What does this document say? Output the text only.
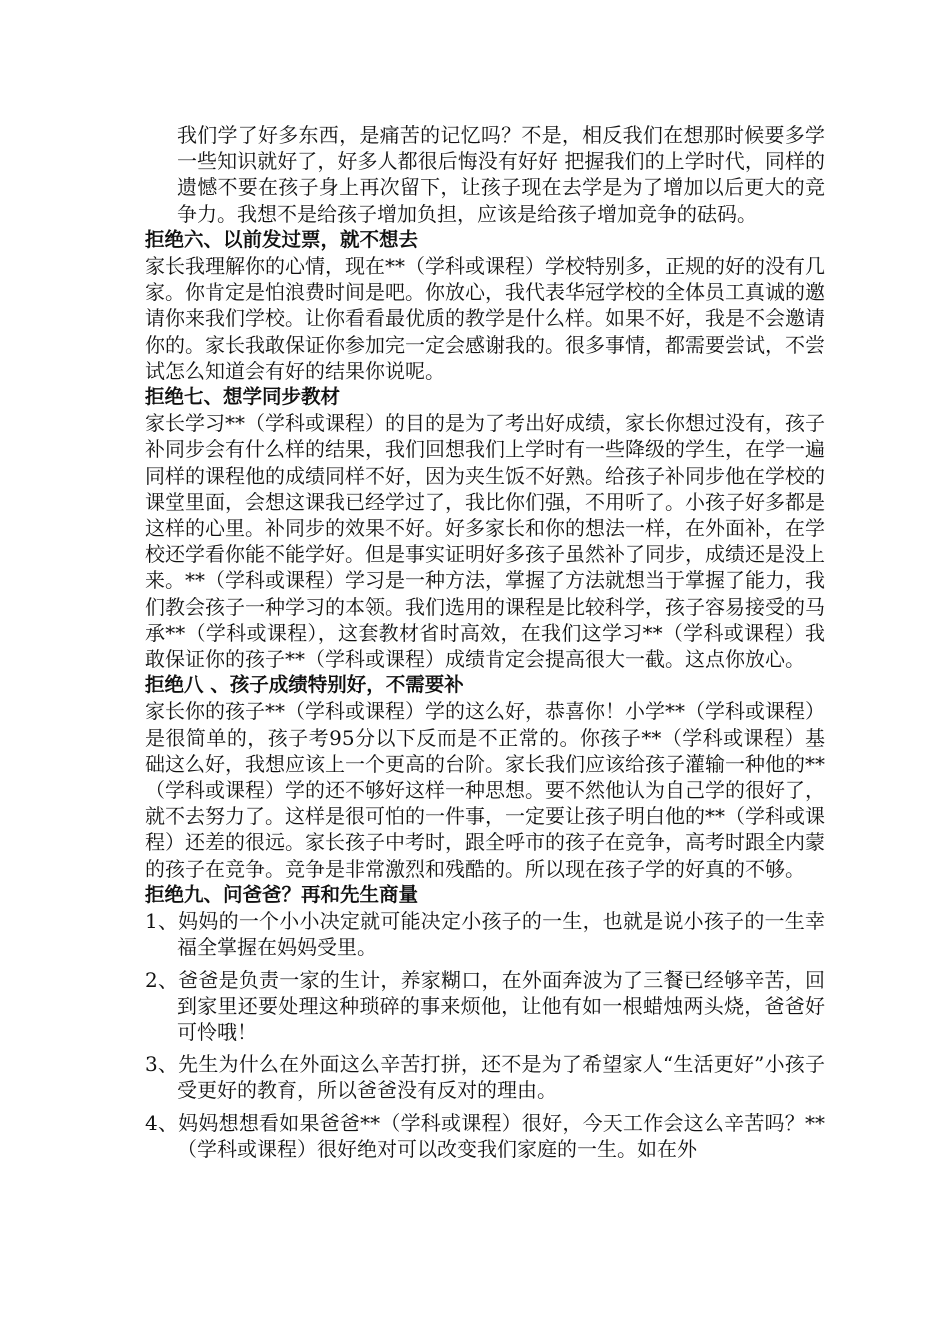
我们学了好多东西，是痛苦的记忆吗？不是，相反我们在想那时候要多学一些知识就好了，好多人都很后悔没有好好 把握我们的上学时代，同样的遗憾不要在孩子身上再次留下，让孩子现在去学是为了增加以后更大的竞争力。我想不是给孩子增加负担，应该是给孩子增加竞争的砝码。

拒绝六、以前发过票，就不想去

家长我理解你的心情，现在**（学科或课程）学校特别多，正规的好的没有几家。你肯定是怕浪费时间是吧。你放心，我代表华冠学校的全体员工真诚的邀请你来我们学校。让你看看最优质的教学是什么样。如果不好，我是不会邀请你的。家长我敢保证你参加完一定会感谢我的。很多事情，都需要尝试，不尝试怎么知道会有好的结果你说呢。

拒绝七、想学同步教材

家长学习**（学科或课程）的目的是为了考出好成绩，家长你想过没有，孩子补同步会有什么样的结果，我们回想我们上学时有一些降级的学生，在学一遍同样的课程他的成绩同样不好，因为夹生饭不好熟。给孩子补同步他在学校的课堂里面，会想这课我已经学过了，我比你们强，不用听了。小孩子好多都是这样的心里。补同步的效果不好。好多家长和你的想法一样，在外面补，在学校还学看你能不能学好。但是事实证明好多孩子虽然补了同步，成绩还是没上来。**（学科或课程）学习是一种方法，掌握了方法就想当于掌握了能力，我们教会孩子一种学习的本领。我们选用的课程是比较科学，孩子容易接受的马承**（学科或课程），这套教材省时高效，在我们这学习**（学科或课程）我敢保证你的孩子**（学科或课程）成绩肯定会提高很大一截。这点你放心。

拒绝八 、孩子成绩特别好，不需要补

家长你的孩子**（学科或课程）学的这么好，恭喜你！小学**（学科或课程）是很简单的，孩子考95分以下反而是不正常的。你孩子**（学科或课程）基础这么好，我想应该上一个更高的台阶。家长我们应该给孩子灌输一种他的**（学科或课程）学的还不够好这样一种思想。要不然他认为自己学的很好了，就不去努力了。这样是很可怕的一件事，一定要让孩子明白他的**（学科或课程）还差的很远。家长孩子中考时，跟全呼市的孩子在竞争，高考时跟全内蒙的孩子在竞争。竞争是非常激烈和残酷的。所以现在孩子学的好真的不够。

拒绝九、问爸爸？再和先生商量

1、妈妈的一个小小决定就可能决定小孩子的一生，也就是说小孩子的一生幸福全掌握在妈妈受里。

2、爸爸是负责一家的生计，养家糊口，在外面奔波为了三餐已经够辛苦，回到家里还要处理这种琐碎的事来烦他，让他有如一根蜡烛两头烧，爸爸好可怜哦！

3、先生为什么在外面这么辛苦打拼，还不是为了希望家人“生活更好”小孩子受更好的教育，所以爸爸没有反对的理由。

4、妈妈想想看如果爸爸**（学科或课程）很好，今天工作会这么辛苦吗？**（学科或课程）很好绝对可以改变我们家庭的一生。如在外
